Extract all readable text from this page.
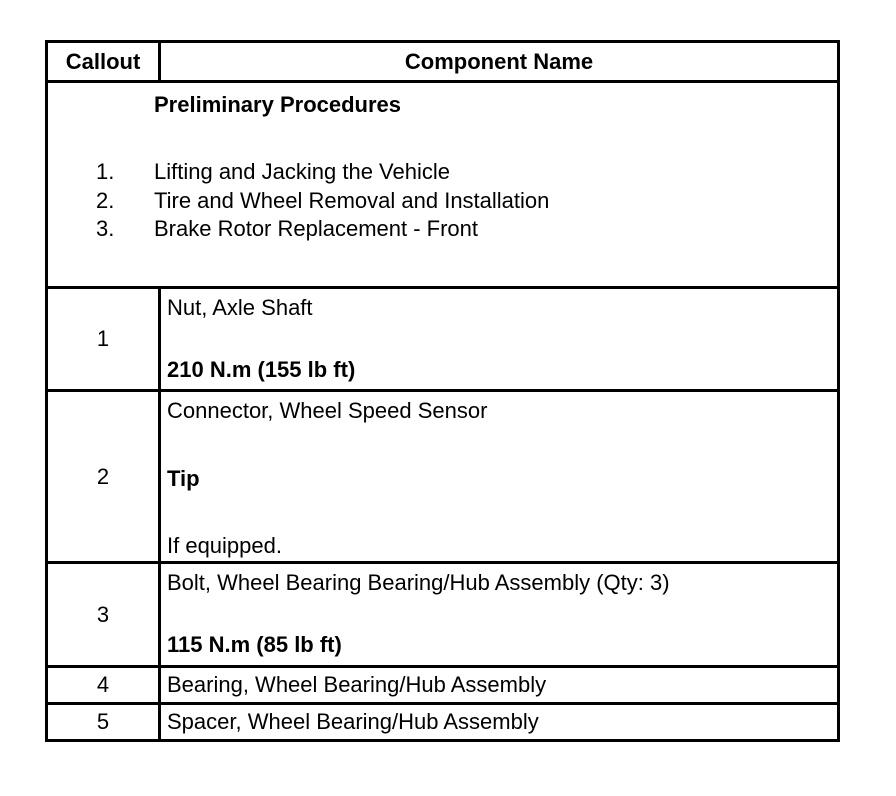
Callout	Component Name

Preliminary Procedures
1. Lifting and Jacking the Vehicle
2. Tire and Wheel Removal and Installation
3. Brake Rotor Replacement - Front	

1	Nut, Axle Shaft
210 N.m (155 lb ft)

2	Connector, Wheel Speed Sensor
Tip
If equipped.

3	Bolt, Wheel Bearing Bearing/Hub Assembly (Qty: 3)
115 N.m (85 lb ft)

4	Bearing, Wheel Bearing/Hub Assembly
5	Spacer, Wheel Bearing/Hub Assembly
